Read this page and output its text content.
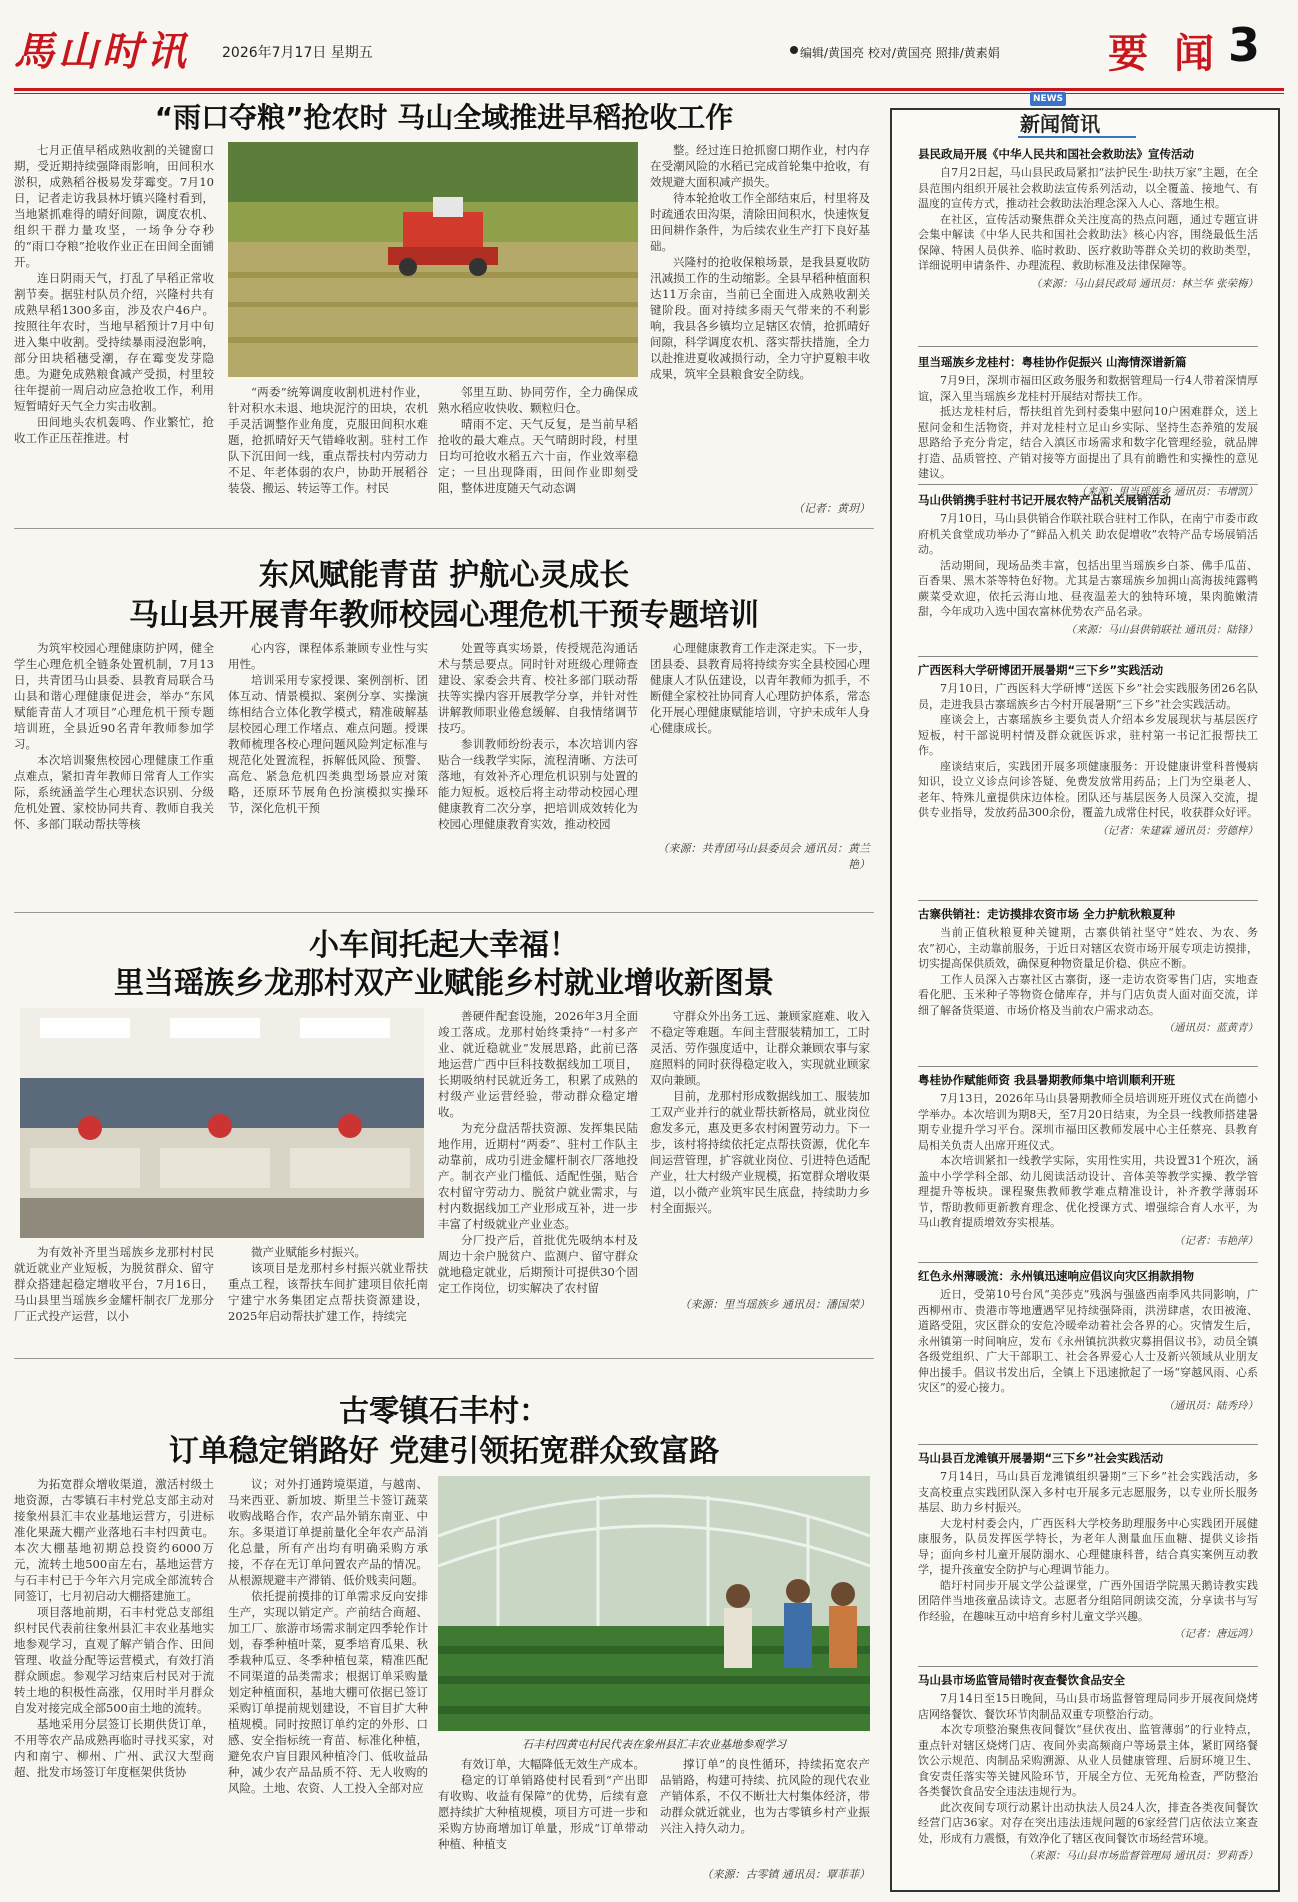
馬山时讯 2026年7月17日 星期五	编辑/黄国亮 校对/黄国亮 照排/黄素娟	要闻
3
“雨口夺粮”抢农时 马山全域推进早稻抢收工作

七月正值早稻成熟收割的关键窗口期，受近期持续强降雨影响，田间积水淤积，成熟稻谷极易发芽霉变。7月10日，记者走访我县林圩镇兴隆村看到，当地紧抓难得的晴好间隙，调度农机、组织干群力量攻坚，一场争分夺秒的“雨口夺粮”抢收作业正在田间全面铺开。

连日阴雨天气，打乱了早稻正常收割节奏。据驻村队员介绍，兴隆村共有成熟早稻1300多亩，涉及农户46户。按照往年农时，当地早稻预计7月中旬进入集中收割。受持续暴雨浸泡影响，部分田块稻穗受潮，存在霉变发芽隐患。为避免成熟粮食减产受损，村里较往年提前一周启动应急抢收工作，利用短暂晴好天气全力实击收割。

田间地头农机轰鸣、作业繁忙，抢收工作正压茬推进。村

“两委”统筹调度收割机进村作业，针对积水未退、地块泥泞的田块，农机手灵活调整作业角度，克服田间积水难题，抢抓晴好天气错峰收割。驻村工作队下沉田间一线，重点帮扶村内劳动力不足、年老体弱的农户，协助开展稻谷装袋、搬运、转运等工作。村民

邻里互助、协同劳作，全力确保成熟水稻应收快收、颗粒归仓。

晴雨不定、天气反复，是当前早稻抢收的最大难点。天气晴朗时段，村里日均可抢收水稻五六十亩，作业效率稳定；一旦出现降雨，田间作业即刻受阻，整体进度随天气动态调

整。经过连日抢抓窗口期作业，村内存在受潮风险的水稻已完成首轮集中抢收，有效规避大面积减产损失。

待本轮抢收工作全部结束后，村里将及时疏通农田沟渠，清除田间积水，快速恢复田间耕作条件，为后续农业生产打下良好基础。

兴隆村的抢收保粮场景，是我县夏收防汛减损工作的生动缩影。全县早稻种植面积达11万余亩，当前已全面进入成熟收割关键阶段。面对持续多雨天气带来的不利影响，我县各乡镇均立足辖区农情，抢抓晴好间隙，科学调度农机、落实帮扶措施，全力以赴推进夏收减损行动，全力守护夏粮丰收成果，筑牢全县粮食安全防线。

（记者：黄玥）
东风赋能青苗 护航心灵成长
马山县开展青年教师校园心理危机干预专题培训

为筑牢校园心理健康防护网，健全学生心理危机全链条处置机制，7月13日，共青团马山县委、县教育局联合马山县和谐心理健康促进会，举办“东风赋能青苗人才项目”心理危机干预专题培训班，全县近90名青年教师参加学习。

本次培训聚焦校园心理健康工作重点难点，紧扣青年教师日常育人工作实际，系统涵盖学生心理状态识别、分级危机处置、家校协同共育、教师自我关怀、多部门联动帮扶等核

心内容，课程体系兼顾专业性与实用性。

培训采用专家授课、案例剖析、团体互动、情景模拟、案例分享、实操演练相结合立体化教学模式，精准破解基层校园心理工作堵点、难点问题。授课教师梳理各校心理问题风险判定标准与规范化处置流程，拆解低风险、预警、高危、紧急危机四类典型场景应对策略，还原环节展角色扮演模拟实操环节，深化危机干预

处置等真实场景，传授规范沟通话术与禁忌要点。同时针对班级心理筛查建设、家委会共育、校社多部门联动帮扶等实操内容开展教学分享，并针对性讲解教师职业倦怠缓解、自我情绪调节技巧。

参训教师纷纷表示，本次培训内容贴合一线教学实际，流程清晰、方法可落地，有效补齐心理危机识别与处置的能力短板。返校后将主动带动校园心理健康教育二次分享，把培训成效转化为校园心理健康教育实效，推动校园

心理健康教育工作走深走实。下一步，团县委、县教育局将持续夯实全县校园心理健康人才队伍建设，以青年教师为抓手，不断健全家校社协同育人心理防护体系，常态化开展心理健康赋能培训，守护未成年人身心健康成长。

（来源：共青团马山县委员会 通讯员：黄兰艳）
小车间托起大幸福！
里当瑶族乡龙那村双产业赋能乡村就业增收新图景

为有效补齐里当瑶族乡龙那村村民就近就业产业短板，为脱贫群众、留守群众搭建起稳定增收平台，7月16日，马山县里当瑶族乡金耀杆制衣厂龙那分厂正式投产运营，以小

微产业赋能乡村振兴。

该项目是龙那村乡村振兴就业帮扶重点工程，该帮扶车间扩建项目依托南宁建宁水务集团定点帮扶资源建设，2025年启动帮扶扩建工作，持续完

善硬件配套设施，2026年3月全面竣工落成。龙那村始终秉持“一村多产业、就近稳就业”发展思路，此前已落地运营广西中巨科技数据线加工项目，长期吸纳村民就近务工，积累了成熟的村级产业运营经验，带动群众稳定增收。

为充分盘活帮扶资源、发挥集民陆地作用，近期村“两委”、驻村工作队主动靠前，成功引进金耀杆制衣厂落地投产。制衣产业门槛低、适配性强，贴合农村留守劳动力、脱贫户就业需求，与村内数据线加工产业形成互补，进一步丰富了村级就业产业业态。

分厂投产后，首批优先吸纳本村及周边十余户脱贫户、监测户、留守群众就地稳定就业，后期预计可提供30个固定工作岗位，切实解决了农村留

守群众外出务工远、兼顾家庭难、收入不稳定等难题。车间主营服装精加工，工时灵活、劳作强度适中，让群众兼顾农事与家庭照料的同时获得稳定收入，实现就业顾家双向兼顾。

目前，龙那村形成数据线加工、服装加工双产业并行的就业帮扶新格局，就业岗位愈发多元，惠及更多农村闲置劳动力。下一步，该村将持续依托定点帮扶资源，优化车间运营管理，扩容就业岗位、引进特色适配产业，壮大村级产业规模，拓宽群众增收渠道，以小微产业筑牢民生底盘，持续助力乡村全面振兴。

（来源：里当瑶族乡 通讯员：潘国荣）
古零镇石丰村：
订单稳定销路好 党建引领拓宽群众致富路

为拓宽群众增收渠道，激活村级土地资源，古零镇石丰村党总支部主动对接象州县汇丰农业基地运营方，引进标准化果蔬大棚产业落地石丰村四黄屯。本次大棚基地初期总投资约6000万元，流转土地500亩左右，基地运营方与石丰村已于今年六月完成全部流转合同签订，七月初启动大棚搭建施工。

项目落地前期，石丰村党总支部组织村民代表前往象州县汇丰农业基地实地参观学习，直观了解产销合作、田间管理、收益分配等运营模式，有效打消群众顾虑。参观学习结束后村民对于流转土地的积极性高涨，仅用时半月群众自发对接完成全部500亩土地的流转。

基地采用分层签订长期供货订单，不用等农产品成熟再临时寻找买家，对内和南宁、柳州、广州、武汉大型商超、批发市场签订年度框架供货协

议；对外打通跨境渠道，与越南、马来西亚、新加坡、斯里兰卡签订蔬菜收购战略合作，农产品外销东南亚、中东。多渠道订单提前量化全年农产品消化总量，所有产出均有明确采购方承接，不存在无订单问置农产品的情况。从根源规避丰产滞销、低价贱卖问题。

依托提前摸排的订单需求反向安排生产，实现以销定产。产前结合商超、加工厂、旅游市场需求制定四季轮作计划，春季种植叶菜，夏季培育瓜果、秋季栽种瓜豆、冬季种植包菜，精准匹配不同渠道的品类需求；根据订单采购量划定种植面积，基地大棚可依据已签订采购订单提前规划建设，不盲目扩大种植规模。同时按照订单约定的外形、口感、安全指标统一育苗、标准化种植，避免农户盲目跟风种植冷门、低收益品种，减少农产品品质不符、无人收购的风险。土地、农资、人工投入全部对应

石丰村四黄屯村民代表在象州县汇丰农业基地参观学习

有效订单，大幅降低无效生产成本。

稳定的订单销路使村民看到“产出即有收购、收益有保障”的优势，后续有意愿持续扩大种植规模，项目方可进一步和采购方协商增加订单量，形成“订单带动种植、种植支

撑订单”的良性循环，持续拓宽农产品销路，构建可持续、抗风险的现代农业产销体系，不仅不断壮大村集体经济，带动群众就近就业，也为古零镇乡村产业振兴注入持久动力。

（来源：古零镇 通讯员：覃菲菲）
NEWS
新闻简讯
县民政局开展《中华人民共和国社会救助法》宣传活动

自7月2日起，马山县民政局紧扣“法护民生·助扶万家”主题，在全县范围内组织开展社会救助法宣传系列活动，以全覆盖、接地气、有温度的宣传方式，推动社会救助法治理念深入人心、落地生根。

在社区，宣传活动聚焦群众关注度高的热点问题，通过专题宣讲会集中解读《中华人民共和国社会救助法》核心内容，围绕最低生活保障、特困人员供养、临时救助、医疗救助等群众关切的救助类型，详细说明申请条件、办理流程、救助标准及法律保障等。

（来源：马山县民政局 通讯员：林兰华 张荣梅）
里当瑶族乡龙桂村：粤桂协作促振兴 山海情深谱新篇

7月9日，深圳市福田区政务服务和数据管理局一行4人带着深情厚谊，深入里当瑶族乡龙桂村开展结对帮扶工作。

抵达龙桂村后，帮扶组首先到村委集中慰问10户困难群众，送上慰问金和生活物资，并对龙桂村立足山乡实际、坚持生态养殖的发展思路给予充分肯定，结合入滇区市场需求和数字化管理经验，就品牌打造、品质管控、产销对接等方面提出了具有前瞻性和实操性的意见建议。

（来源：里当瑶族乡 通讯员：韦增凯）
马山供销携手驻村书记开展农特产品机关展销活动

7月10日，马山县供销合作联社联合驻村工作队，在南宁市委市政府机关食堂成功举办了“鲜品入机关 助农促增收”农特产品专场展销活动。

活动期间，现场品类丰富，包括出里当瑶族乡白茶、佛手瓜苗、百香果、黑木茶等特色好物。尤其是古寨瑶族乡加拥山高海拔纯露鸭蕨菜受欢迎，依托云海山地、昼夜温差大的独特环境，果肉脆嫩清甜，今年成功入选中国农富林优势农产品名录。

（来源：马山县供销联社 通讯员：陆锋）
广西医科大学研博团开展暑期“三下乡”实践活动

7月10日，广西医科大学研博“送医下乡”社会实践服务团26名队员，走进我县古寨瑶族乡古今村开展暑期“三下乡”社会实践活动。

座谈会上，古寨瑶族乡主要负责人介绍本乡发展现状与基层医疗短板，村干部说明村情及群众就医诉求，驻村第一书记汇报帮扶工作。

座谈结束后，实践团开展多项健康服务：开设健康讲堂科普慢病知识，设立义诊点问诊答疑、免费发放常用药品；上门为空巢老人、老年、特殊儿童提供床边体检。团队还与基层医务人员深入交流，提供专业指导，发放药品300余份，覆盖九成常住村民，收获群众好评。

（记者：朱建霖 通讯员：劳德梓）
古寨供销社：走访摸排农资市场 全力护航秋粮夏种

当前正值秋粮夏种关键期，古寨供销社坚守“姓农、为农、务农”初心，主动靠前服务，于近日对辖区农资市场开展专项走访摸排，切实提高保供质效，确保夏种物资量足价稳、供应不断。

工作人员深入古寨社区古寨街，逐一走访农资零售门店，实地查看化肥、玉米种子等物资仓储库存，并与门店负责人面对面交流，详细了解备货渠道、市场价格及当前农户需求动态。

（通讯员：蓝黄青）
粤桂协作赋能师资 我县暑期教师集中培训顺利开班

7月13日，2026年马山县暑期教师全员培训班开班仪式在尚德小学举办。本次培训为期8天，至7月20日结束，为全县一线教师搭建暑期专业提升学习平台。深圳市福田区教师发展中心主任蔡亮、县教育局相关负责人出席开班仪式。

本次培训紧扣一线教学实际，实用性实用，共设置31个班次，涵盖中小学学科全部、幼儿阅读活动设计、音体美等教学实操、教学管理提升等板块。课程聚焦教师教学难点精准设计，补齐教学薄弱环节，帮助教师更新教育理念、优化授课方式、增强综合育人水平，为马山教育提质增效夯实根基。

（记者：韦艳萍）
红色永州薄暖流：永州镇迅速响应倡议向灾区捐款捐物

近日，受第10号台风“美莎克”残涡与强盛西南季风共同影响，广西柳州市、贵港市等地遭遇罕见持续强降雨，洪涝肆虐，农田被淹、道路受阻，灾区群众的安危冷暖牵动着社会各界的心。灾情发生后，永州镇第一时间响应，发布《永州镇抗洪救灾募捐倡议书》，动员全镇各级党组织、广大干部职工、社会各界爱心人士及新兴领域从业朋友伸出援手。倡议书发出后，全镇上下迅速掀起了一场“穿越风雨、心系灾区”的爱心接力。

（通讯员：陆秀玲）
马山县百龙滩镇开展暑期“三下乡”社会实践活动

7月14日，马山县百龙滩镇组织暑期“三下乡”社会实践活动，多支高校重点实践团队深入多村屯开展多元志愿服务，以专业所长服务基层、助力乡村振兴。

大龙村村委会内，广西医科大学校务助理服务中心实践团开展健康服务，队员发挥医学特长，为老年人测量血压血糖、提供义诊指导；面向乡村儿童开展防溺水、心理健康科普，结合真实案例互动教学，提升孩童安全防护与心理调节能力。

皓圩村同步开展文学公益课堂，广西外国语学院黑天鹅诗教实践团陪伴当地孩童品读诗文。志愿者分组陪同朗读交流，分享读书与写作经验，在趣味互动中培育乡村儿童文学兴趣。

（记者：唐远鸿）
马山县市场监管局错时夜查餐饮食品安全

7月14日至15日晚间，马山县市场监督管理局同步开展夜间烧烤店网络餐饮、餐饮环节肉制品双重专项整治行动。

本次专项整治聚焦夜间餐饮“昼伏夜出、监管薄弱”的行业特点，重点针对辖区烧烤门店、夜间外卖高频商户等场景主体，紧盯网络餐饮公示规范、肉制品采购溯源、从业人员健康管理、后厨环境卫生、食安责任落实等关键风险环节，开展全方位、无死角检查，严防整治各类餐饮食品安全违法违规行为。

此次夜间专项行动累计出动执法人员24人次，排查各类夜间餐饮经营门店36家。对存在突出违法违规问题的6家经营门店依法立案查处，形成有力震慑，有效净化了辖区夜间餐饮市场经营环境。

（来源：马山县市场监督管理局 通讯员：罗莉香）
